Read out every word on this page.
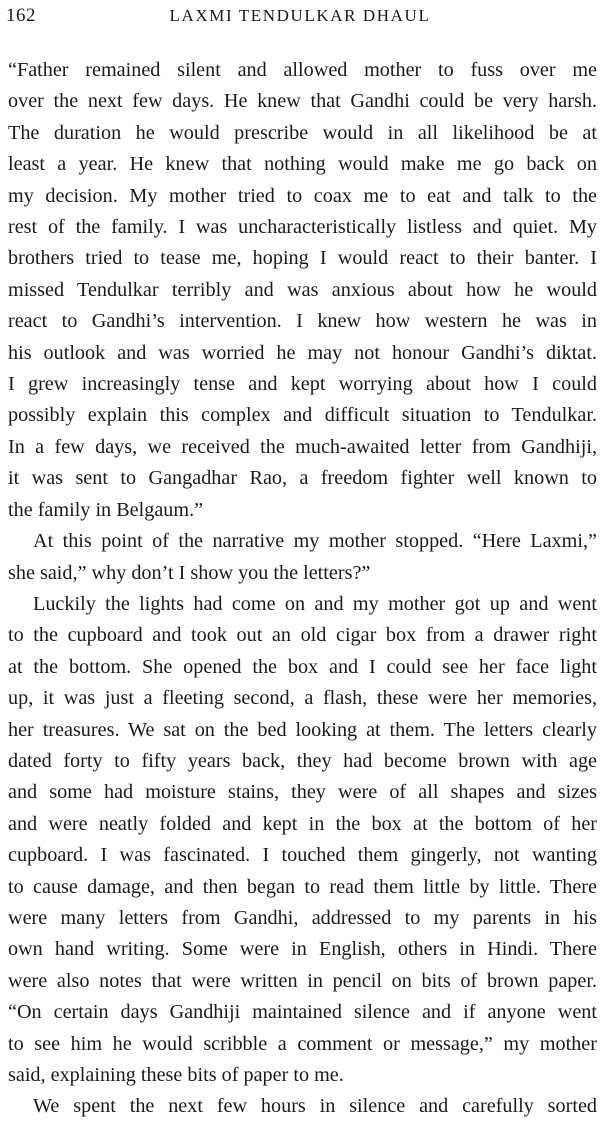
162	LAXMI TENDULKAR DHAUL

“Father remained silent and allowed mother to fuss over me
over the next few days. He knew that Gandhi could be very harsh.
The duration he would prescribe would in all likelihood be at
least a year. He knew that nothing would make me go back on
my decision. My mother tried to coax me to eat and talk to the
rest of the family. I was uncharacteristically listless and quiet. My
brothers tried to tease me, hoping I would react to their banter. I
missed Tendulkar terribly and was anxious about how he would
react to Gandhi’s intervention. I knew how western he was in
his outlook and was worried he may not honour Gandhi’s diktat.
I grew increasingly tense and kept worrying about how I could
possibly explain this complex and difficult situation to Tendulkar.
In a few days, we received the much-awaited letter from Gandhiji,
it was sent to Gangadhar Rao, a freedom fighter well known to
the family in Belgaum.”

At this point of the narrative my mother stopped. “Here Laxmi,”
she said,” why don’t I show you the letters?”

Luckily the lights had come on and my mother got up and went
to the cupboard and took out an old cigar box from a drawer right
at the bottom. She opened the box and I could see her face light
up, it was just a fleeting second, a flash, these were her memories,
her treasures. We sat on the bed looking at them. The letters clearly
dated forty to fifty years back, they had become brown with age
and some had moisture stains, they were of all shapes and sizes
and were neatly folded and kept in the box at the bottom of her
cupboard. I was fascinated. I touched them gingerly, not wanting
to cause damage, and then began to read them little by little. There
were many letters from Gandhi, addressed to my parents in his
own hand writing. Some were in English, others in Hindi. There
were also notes that were written in pencil on bits of brown paper.
“On certain days Gandhiji maintained silence and if anyone went
to see him he would scribble a comment or message,” my mother
said, explaining these bits of paper to me.

We spent the next few hours in silence and carefully sorted
